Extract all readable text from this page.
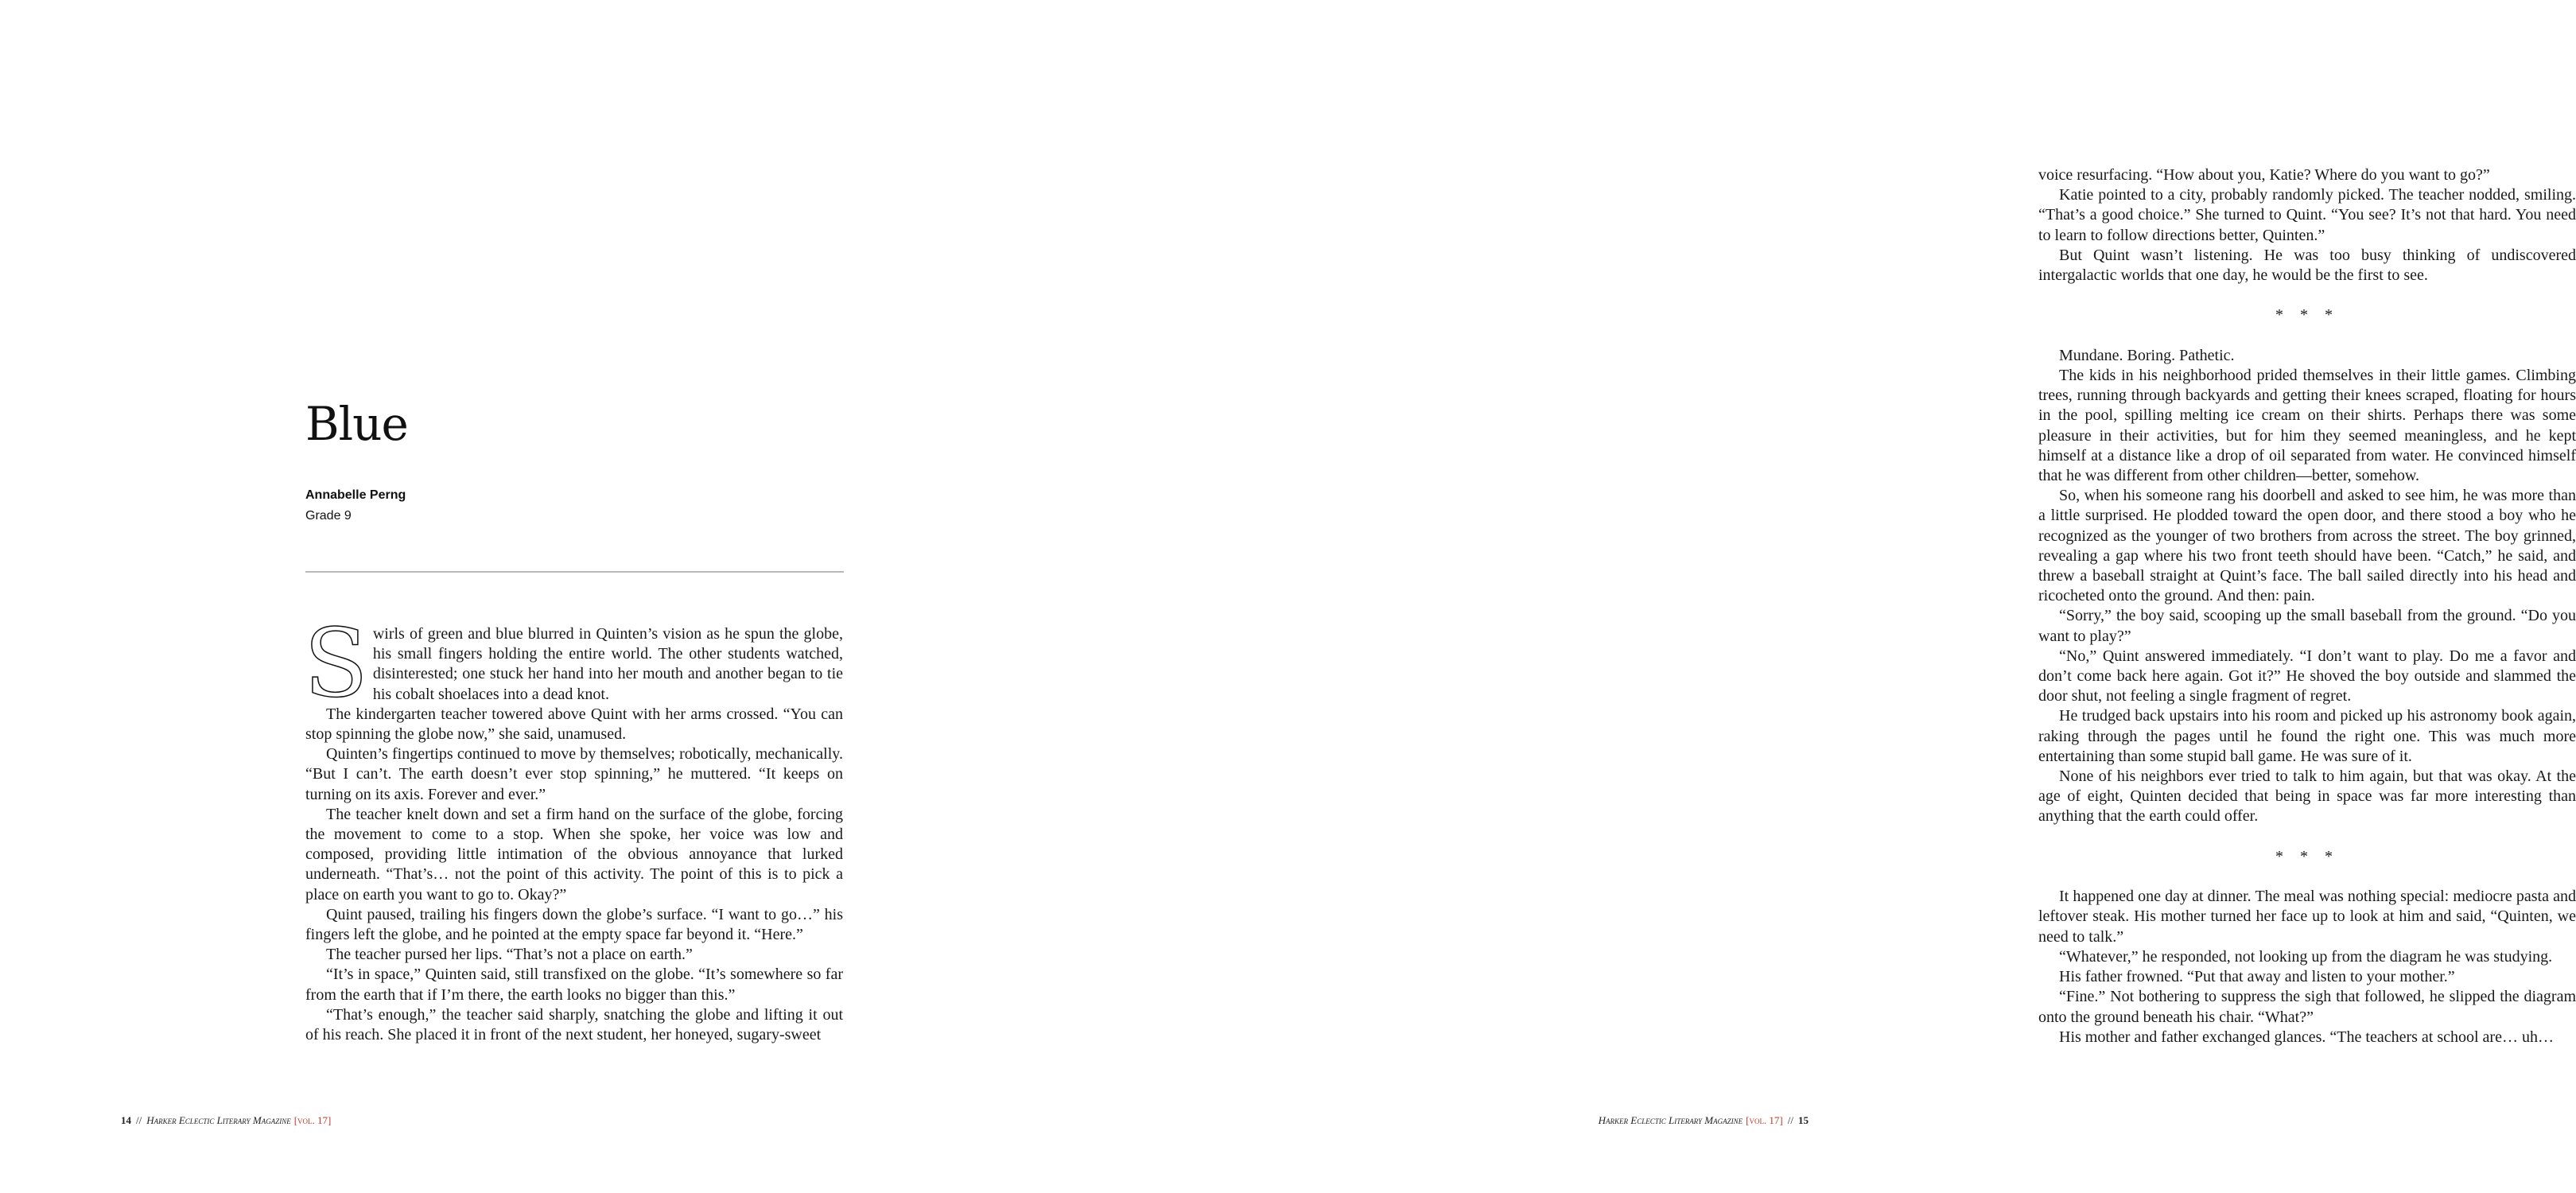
Blue
Annabelle Perng
Grade 9

Swirls of green and blue blurred in Quinten’s vision as he spun the globe, his small fingers holding the entire world. The other students watched, disinterested; one stuck her hand into her mouth and another began to tie his cobalt shoelaces into a dead knot.

The kindergarten teacher towered above Quint with her arms crossed. “You can stop spinning the globe now,” she said, unamused.

Quinten’s fingertips continued to move by themselves; robotically, mechanically. “But I can’t. The earth doesn’t ever stop spinning,” he muttered. “It keeps on turning on its axis. Forever and ever.”

The teacher knelt down and set a firm hand on the surface of the globe, forcing the movement to come to a stop. When she spoke, her voice was low and composed, providing little intimation of the obvious annoyance that lurked underneath. “That’s… not the point of this activity. The point of this is to pick a place on earth you want to go to. Okay?”

Quint paused, trailing his fingers down the globe’s surface. “I want to go…” his fingers left the globe, and he pointed at the empty space far beyond it. “Here.”

The teacher pursed her lips. “That’s not a place on earth.”

“It’s in space,” Quinten said, still transfixed on the globe. “It’s somewhere so far from the earth that if I’m there, the earth looks no bigger than this.”

“That’s enough,” the teacher said sharply, snatching the globe and lifting it out of his reach. She placed it in front of the next student, her honeyed, sugary-sweet

14 // Harker Eclectic Literary Magazine [vol. 17]

voice resurfacing. “How about you, Katie? Where do you want to go?”

Katie pointed to a city, probably randomly picked. The teacher nodded, smiling. “That’s a good choice.” She turned to Quint. “You see? It’s not that hard. You need to learn to follow directions better, Quinten.”

But Quint wasn’t listening. He was too busy thinking of undiscovered intergalactic worlds that one day, he would be the first to see.

* * *

Mundane. Boring. Pathetic.

The kids in his neighborhood prided themselves in their little games. Climbing trees, running through backyards and getting their knees scraped, floating for hours in the pool, spilling melting ice cream on their shirts. Perhaps there was some pleasure in their activities, but for him they seemed meaningless, and he kept himself at a distance like a drop of oil separated from water. He convinced himself that he was different from other children—better, somehow.

So, when his someone rang his doorbell and asked to see him, he was more than a little surprised. He plodded toward the open door, and there stood a boy who he recognized as the younger of two brothers from across the street. The boy grinned, revealing a gap where his two front teeth should have been. “Catch,” he said, and threw a baseball straight at Quint’s face. The ball sailed directly into his head and ricocheted onto the ground. And then: pain.

“Sorry,” the boy said, scooping up the small baseball from the ground. “Do you want to play?”

“No,” Quint answered immediately. “I don’t want to play. Do me a favor and don’t come back here again. Got it?” He shoved the boy outside and slammed the door shut, not feeling a single fragment of regret.

He trudged back upstairs into his room and picked up his astronomy book again, raking through the pages until he found the right one. This was much more entertaining than some stupid ball game. He was sure of it.

None of his neighbors ever tried to talk to him again, but that was okay. At the age of eight, Quinten decided that being in space was far more interesting than anything that the earth could offer.

* * *

It happened one day at dinner. The meal was nothing special: mediocre pasta and leftover steak. His mother turned her face up to look at him and said, “Quinten, we need to talk.”

“Whatever,” he responded, not looking up from the diagram he was studying.

His father frowned. “Put that away and listen to your mother.”

“Fine.” Not bothering to suppress the sigh that followed, he slipped the diagram onto the ground beneath his chair. “What?”

His mother and father exchanged glances. “The teachers at school are… uh…

Harker Eclectic Literary Magazine [vol. 17] // 15
